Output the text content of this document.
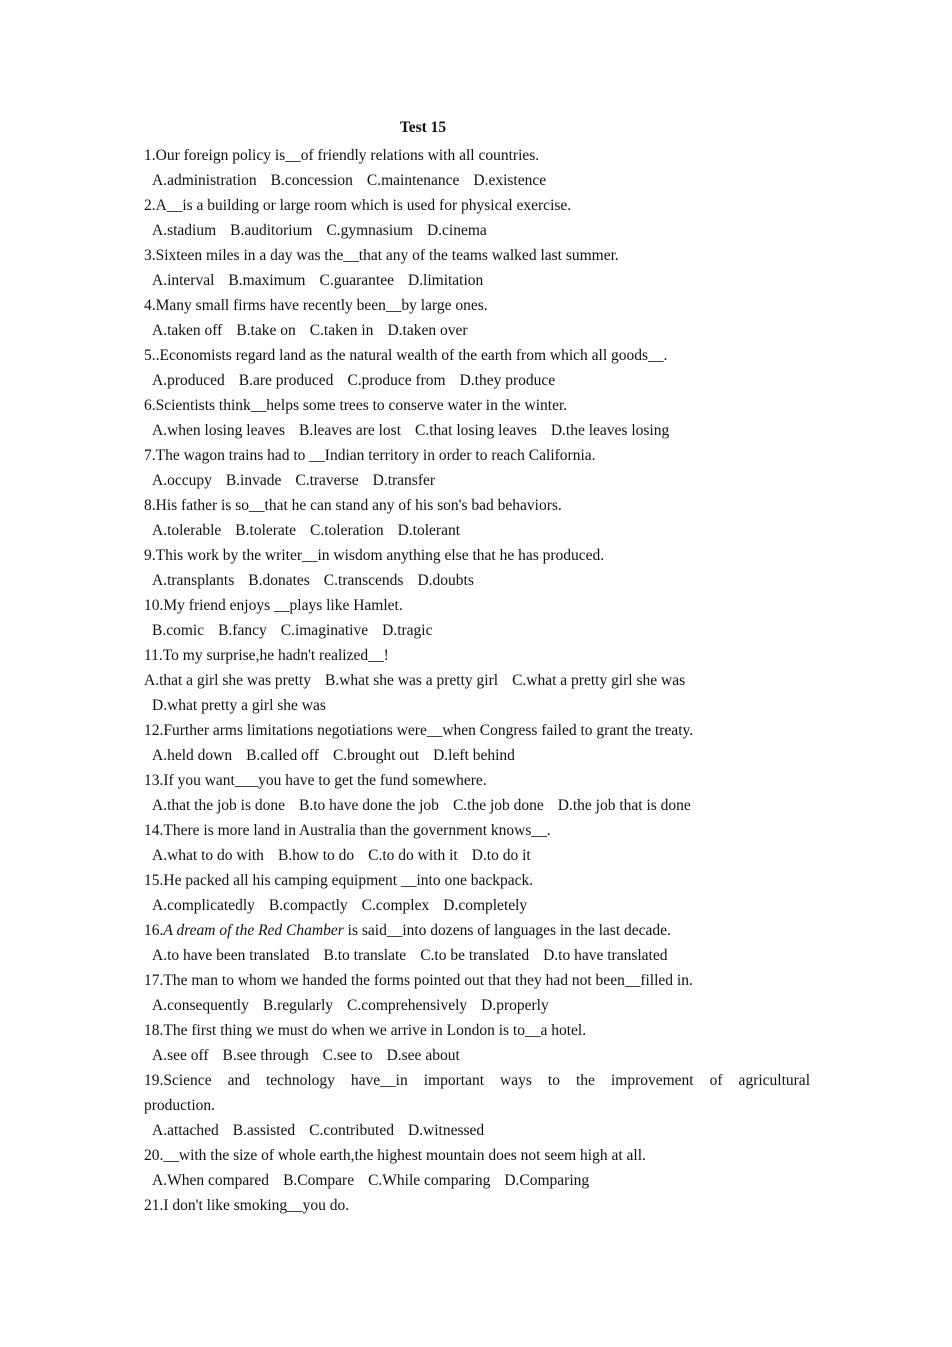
Test 15
1.Our foreign policy is__of friendly relations with all countries.
A.administration B.concession C.maintenance D.existence
2.A__is a building or large room which is used for physical exercise.
A.stadium B.auditorium C.gymnasium D.cinema
3.Sixteen miles in a day was the__that any of the teams walked last summer.
A.interval B.maximum C.guarantee D.limitation
4.Many small firms have recently been__by large ones.
A.taken off B.take on C.taken in D.taken over
5..Economists regard land as the natural wealth of the earth from which all goods__.
A.produced B.are produced C.produce from D.they produce
6.Scientists think__helps some trees to conserve water in the winter.
A.when losing leaves B.leaves are lost C.that losing leaves D.the leaves losing
7.The wagon trains had to __Indian territory in order to reach California.
A.occupy B.invade C.traverse D.transfer
8.His father is so__that he can stand any of his son's bad behaviors.
A.tolerable B.tolerate C.toleration D.tolerant
9.This work by the writer__in wisdom anything else that he has produced.
A.transplants B.donates C.transcends D.doubts
10.My friend enjoys __plays like Hamlet.
B.comic B.fancy C.imaginative D.tragic
11.To my surprise,he hadn't realized__!
A.that a girl she was pretty B.what she was a pretty girl C.what a pretty girl she was
D.what pretty a girl she was
12.Further arms limitations negotiations were__when Congress failed to grant the treaty.
A.held down B.called off C.brought out D.left behind
13.If you want___you have to get the fund somewhere.
A.that the job is done B.to have done the job C.the job done D.the job that is done
14.There is more land in Australia than the government knows__.
A.what to do with B.how to do C.to do with it D.to do it
15.He packed all his camping equipment __into one backpack.
A.complicatedly B.compactly C.complex D.completely
16.A dream of the Red Chamber is said__into dozens of languages in the last decade.
A.to have been translated B.to translate C.to be translated D.to have translated
17.The man to whom we handed the forms pointed out that they had not been__filled in.
A.consequently B.regularly C.comprehensively D.properly
18.The first thing we must do when we arrive in London is to__a hotel.
A.see off B.see through C.see to D.see about
19.Science and technology have__in important ways to the improvement of agricultural
production.
A.attached B.assisted C.contributed D.witnessed
20.__with the size of whole earth,the highest mountain does not seem high at all.
A.When compared B.Compare C.While comparing D.Comparing
21.I don't like smoking__you do.
